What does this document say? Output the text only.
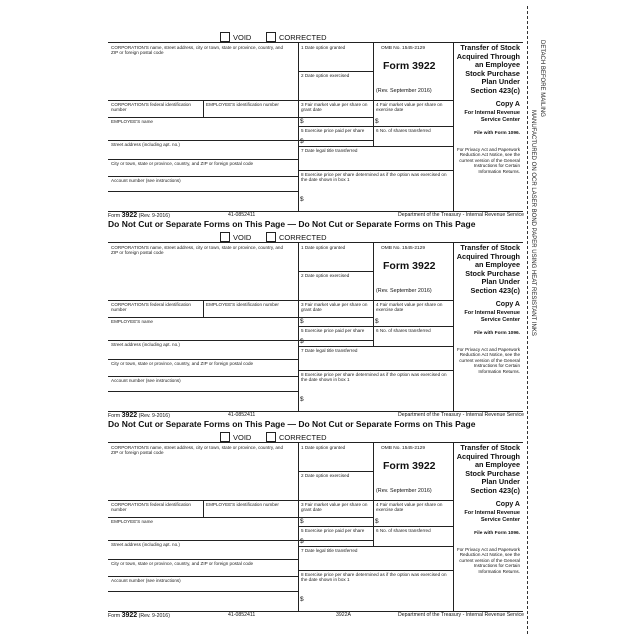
DETACH BEFORE MAILING
MANUFACTURED ON OCR LASER BOND PAPER USING HEAT RESISTANT INKS
VOID	CORRECTED
CORPORATION'S name, street address, city or town, state or province, country, and ZIP or foreign postal code
1 Date option granted
2 Date option exercised
OMB No. 1545-2129
Form 3922
(Rev. September 2016)
Transfer of Stock Acquired Through an Employee Stock Purchase Plan Under Section 423(c)
CORPORATION'S federal identification number
EMPLOYEE'S identification number	3 Fair market value per share on grant date
4 Fair market value per share on exercise date
$	$
Copy A
For Internal Revenue Service Center
EMPLOYEE'S name
5 Exercise price paid per share	6 No. of shares transferred
$
File with Form 1096.
Street address (including apt. no.)
7 Date legal title transferred	For Privacy Act and Paperwork Reduction Act Notice, see the current version of the General Instructions for Certain Information Returns.
City or town, state or province, country, and ZIP or foreign postal code
8 Exercise price per share determined as if the option was exercised on the date shown in box 1
$
Account number (see instructions)
Form 3922 (Rev. 9-2016)	41-0852411	Department of the Treasury - Internal Revenue Service
Do Not Cut or Separate Forms on This Page — Do Not Cut or Separate Forms on This Page
VOID	CORRECTED
CORPORATION'S name, street address, city or town, state or province, country, and ZIP or foreign postal code
1 Date option granted
2 Date option exercised
OMB No. 1545-2129
Form 3922
(Rev. September 2016)
Transfer of Stock Acquired Through an Employee Stock Purchase Plan Under Section 423(c)
CORPORATION'S federal identification number
EMPLOYEE'S identification number	3 Fair market value per share on grant date
4 Fair market value per share on exercise date
$	$
Copy A
For Internal Revenue Service Center
EMPLOYEE'S name
5 Exercise price paid per share	6 No. of shares transferred
$
File with Form 1096.
Street address (including apt. no.)
7 Date legal title transferred	For Privacy Act and Paperwork Reduction Act Notice, see the current version of the General Instructions for Certain Information Returns.
City or town, state or province, country, and ZIP or foreign postal code
8 Exercise price per share determined as if the option was exercised on the date shown in box 1
$
Account number (see instructions)
Form 3922 (Rev. 9-2016)	41-0852411	Department of the Treasury - Internal Revenue Service
Do Not Cut or Separate Forms on This Page — Do Not Cut or Separate Forms on This Page
VOID	CORRECTED
CORPORATION'S name, street address, city or town, state or province, country, and ZIP or foreign postal code
1 Date option granted
2 Date option exercised
OMB No. 1545-2129
Form 3922
(Rev. September 2016)
Transfer of Stock Acquired Through an Employee Stock Purchase Plan Under Section 423(c)
CORPORATION'S federal identification number
EMPLOYEE'S identification number	3 Fair market value per share on grant date
4 Fair market value per share on exercise date
$	$
Copy A
For Internal Revenue Service Center
EMPLOYEE'S name
5 Exercise price paid per share	6 No. of shares transferred
$
File with Form 1096.
Street address (including apt. no.)
7 Date legal title transferred	For Privacy Act and Paperwork Reduction Act Notice, see the current version of the General Instructions for Certain Information Returns.
City or town, state or province, country, and ZIP or foreign postal code
8 Exercise price per share determined as if the option was exercised on the date shown in box 1
$
Account number (see instructions)
Form 3922 (Rev. 9-2016)	41-0852411	3922A	Department of the Treasury - Internal Revenue Service
